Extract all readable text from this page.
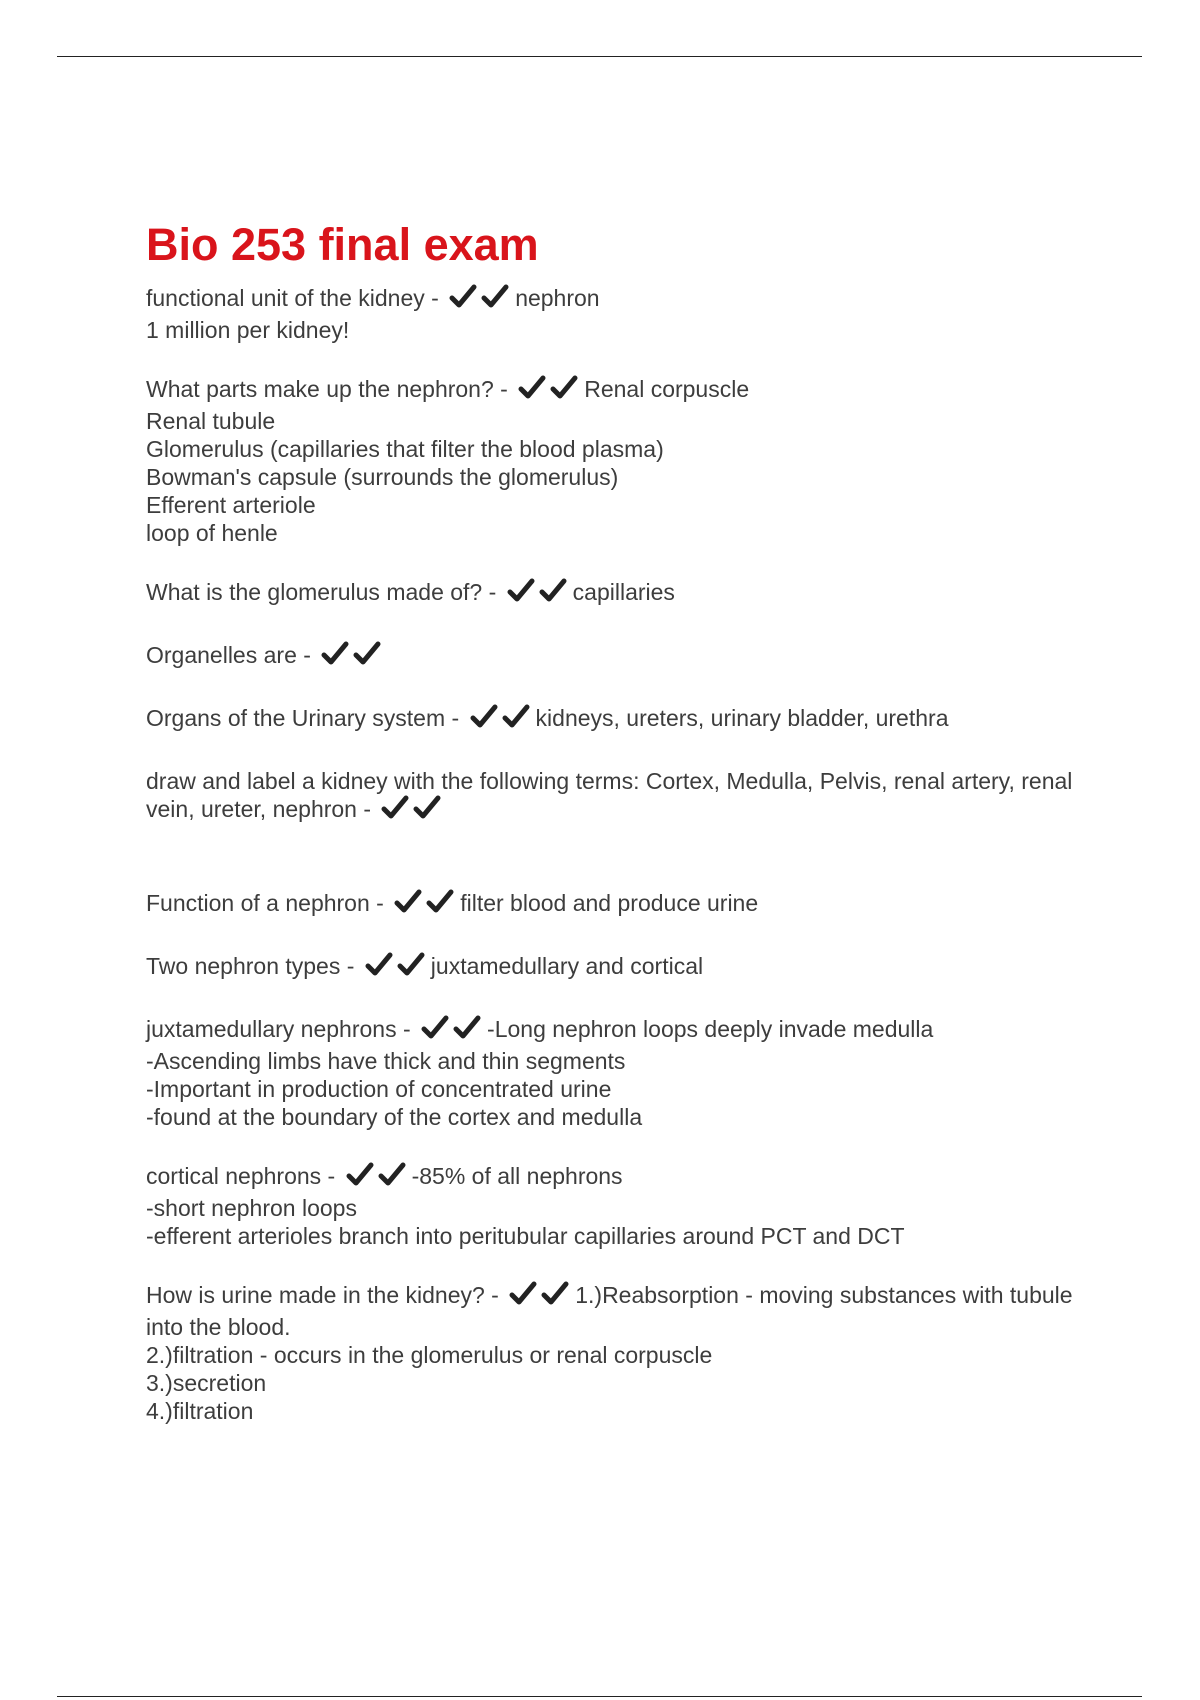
Bio 253 final exam
functional unit of the kidney -	nephron
1 million per kidney!
What parts make up the nephron? -	Renal corpuscle
Renal tubule
Glomerulus (capillaries that filter the blood plasma)
Bowman's capsule (surrounds the glomerulus)
Efferent arteriole
loop of henle
What is the glomerulus made of? -	capillaries
Organelles are -
Organs of the Urinary system -	kidneys, ureters, urinary bladder, urethra
draw and label a kidney with the following terms: Cortex, Medulla, Pelvis, renal artery, renal vein, ureter, nephron -
Function of a nephron -	filter blood and produce urine
Two nephron types -	juxtamedullary and cortical
juxtamedullary nephrons -	-Long nephron loops deeply invade medulla
-Ascending limbs have thick and thin segments
-Important in production of concentrated urine
-found at the boundary of the cortex and medulla
cortical nephrons -	-85% of all nephrons
-short nephron loops
-efferent arterioles branch into peritubular capillaries around PCT and DCT
How is urine made in the kidney? -	1.)Reabsorption - moving substances with tubule into the blood.
2.)filtration - occurs in the glomerulus or renal corpuscle
3.)secretion
4.)filtration
